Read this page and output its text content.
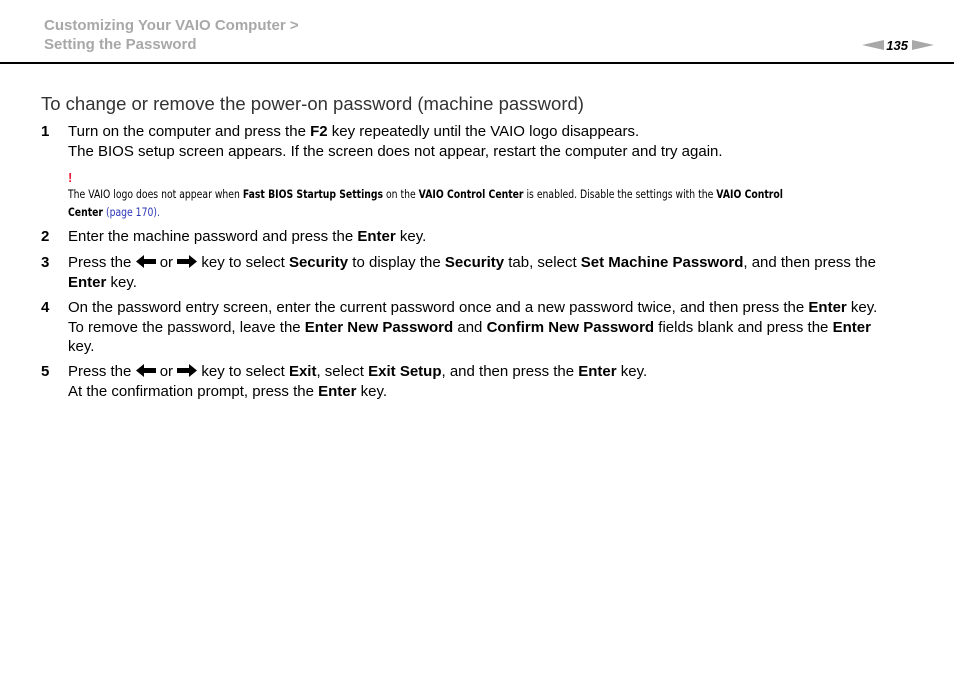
Customizing Your VAIO Computer >
Setting the Password	135
To change or remove the power-on password (machine password)
1 Turn on the computer and press the F2 key repeatedly until the VAIO logo disappears.
The BIOS setup screen appears. If the screen does not appear, restart the computer and try again.
!
The VAIO logo does not appear when Fast BIOS Startup Settings on the VAIO Control Center is enabled. Disable the settings with the VAIO Control
Center (page 170).
2 Enter the machine password and press the Enter key.
3 Press the  or  key to select Security to display the Security tab, select Set Machine Password, and then press the
Enter key.
4 On the password entry screen, enter the current password once and a new password twice, and then press the Enter key.
To remove the password, leave the Enter New Password and Confirm New Password fields blank and press the Enter
key.
5 Press the  or  key to select Exit, select Exit Setup, and then press the Enter key.
At the confirmation prompt, press the Enter key.
